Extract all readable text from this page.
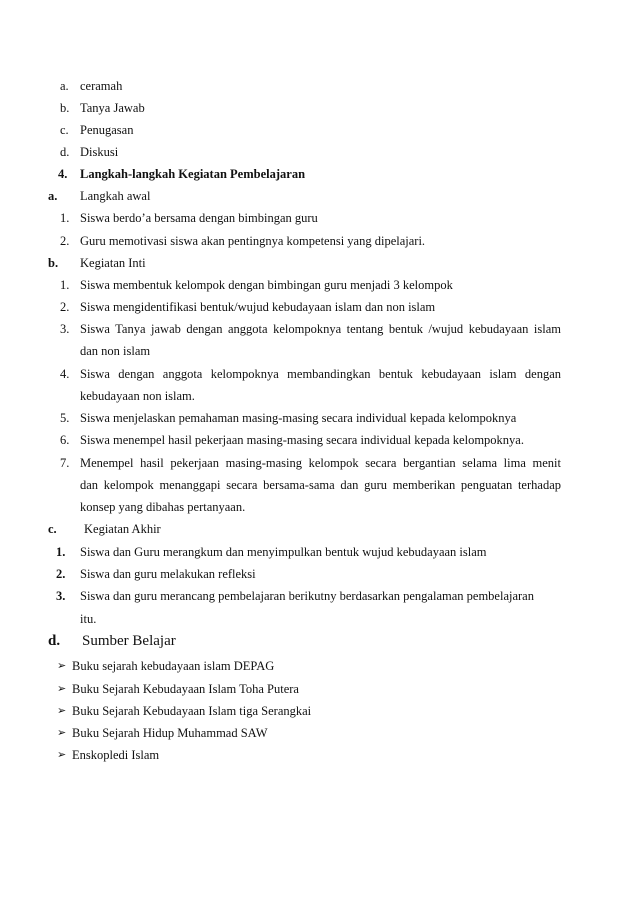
a. ceramah
b. Tanya Jawab
c. Penugasan
d. Diskusi
4. Langkah-langkah Kegiatan Pembelajaran
a. Langkah awal
1. Siswa berdo’a bersama dengan bimbingan guru
2. Guru memotivasi siswa akan pentingnya kompetensi yang dipelajari.
b. Kegiatan Inti
1. Siswa membentuk kelompok dengan bimbingan guru menjadi 3 kelompok
2. Siswa mengidentifikasi bentuk/wujud kebudayaan islam dan non islam
3. Siswa Tanya jawab dengan anggota kelompoknya tentang bentuk /wujud kebudayaan islam
dan non islam
4. Siswa dengan anggota kelompoknya membandingkan bentuk kebudayaan islam dengan
kebudayaan non islam.
5. Siswa menjelaskan pemahaman masing-masing secara individual kepada kelompoknya
6. Siswa menempel hasil pekerjaan masing-masing secara individual kepada kelompoknya.
7. Menempel hasil pekerjaan masing-masing kelompok secara bergantian selama lima menit
dan kelompok menanggapi secara bersama-sama dan guru memberikan penguatan terhadap
konsep yang dibahas pertanyaan.
c. Kegiatan Akhir
1. Siswa dan Guru merangkum dan menyimpulkan bentuk wujud kebudayaan islam
2. Siswa dan guru melakukan refleksi
3. Siswa dan guru merancang pembelajaran berikutny berdasarkan pengalaman pembelajaran
itu.
d. Sumber Belajar
➢ Buku sejarah kebudayaan islam DEPAG
➢ Buku Sejarah Kebudayaan Islam Toha Putera
➢ Buku Sejarah Kebudayaan Islam tiga Serangkai
➢ Buku Sejarah Hidup Muhammad SAW
➢ Enskopledi Islam
